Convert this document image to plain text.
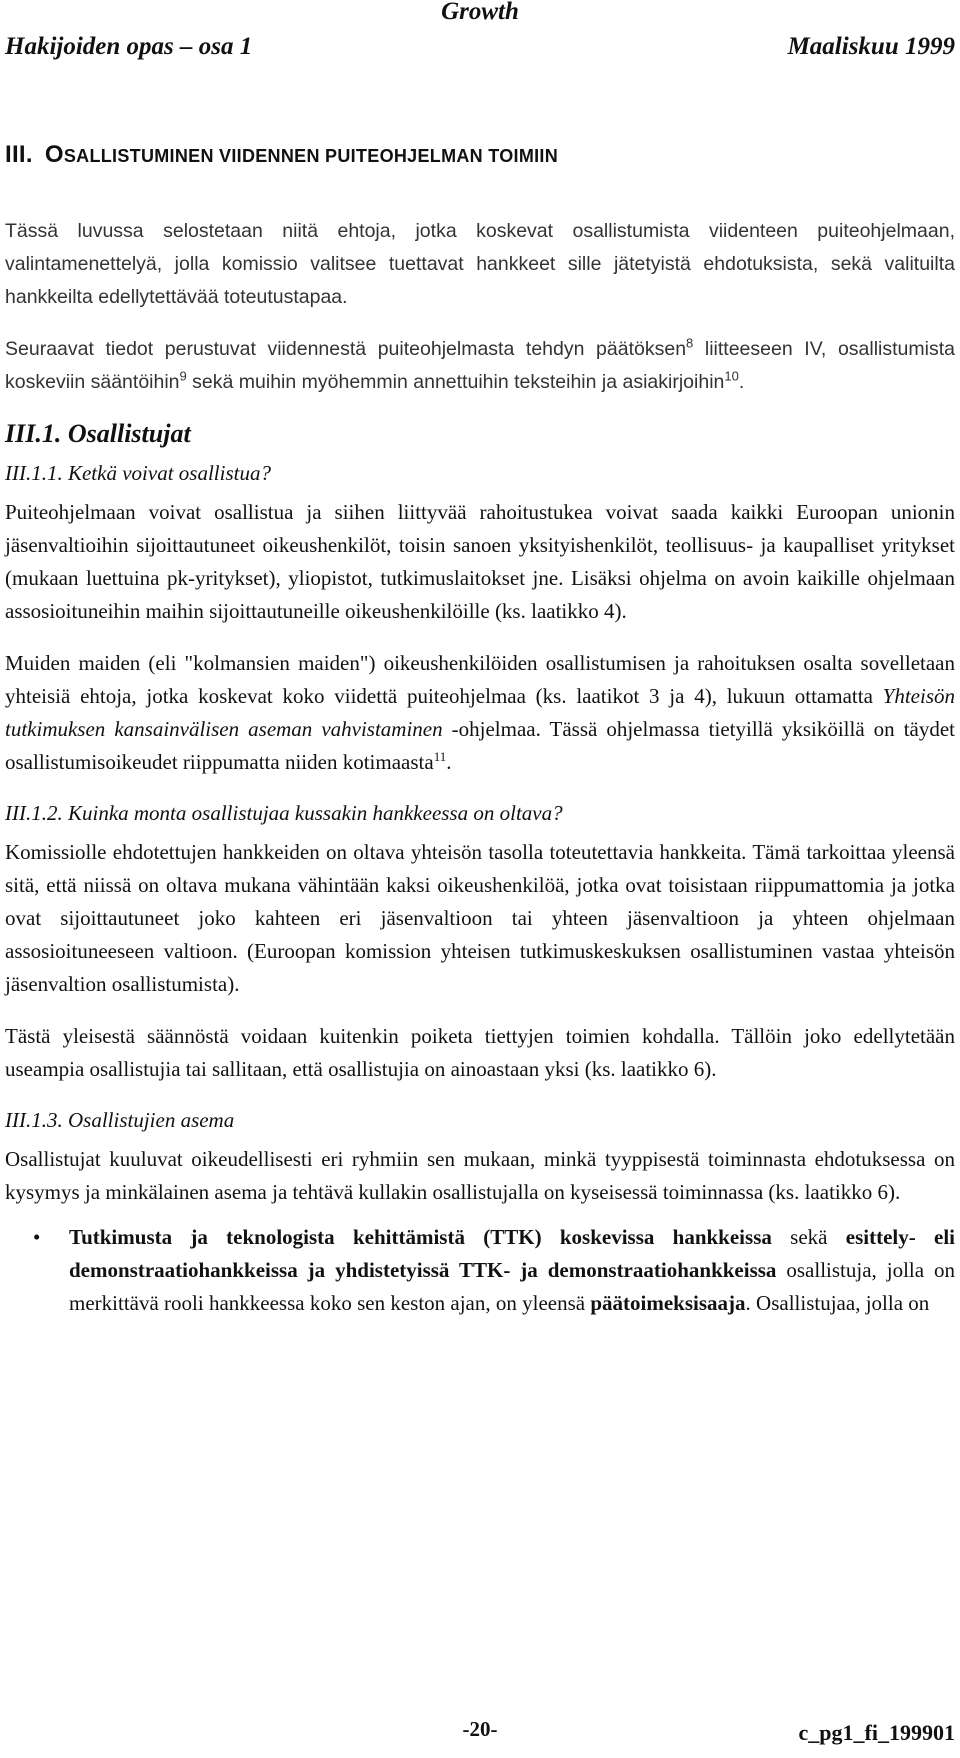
Growth
Hakijoiden opas – osa 1	Maaliskuu 1999
III. OSALLISTUMINEN VIIDENNEN PUITEOHJELMAN TOIMIIN

Tässä luvussa selostetaan niitä ehtoja, jotka koskevat osallistumista viidenteen puiteohjelmaan, valintamenettelyä, jolla komissio valitsee tuettavat hankkeet sille jätetyistä ehdotuksista, sekä valituilta hankkeilta edellytettävää toteutustapaa.

Seuraavat tiedot perustuvat viidennestä puiteohjelmasta tehdyn päätöksen$^8$ liitteeseen IV, osallistumista koskeviin sääntöihin$^9$ sekä muihin myöhemmin annettuihin teksteihin ja asiakirjoihin$^{10}$.

III.1. Osallistujat
III.1.1. Ketkä voivat osallistua?

Puiteohjelmaan voivat osallistua ja siihen liittyvää rahoitustukea voivat saada kaikki Euroopan unionin jäsenvaltioihin sijoittautuneet oikeushenkilöt, toisin sanoen yksityishenkilöt, teollisuus- ja kaupalliset yritykset (mukaan luettuina pk-yritykset), yliopistot, tutkimuslaitokset jne. Lisäksi ohjelma on avoin kaikille ohjelmaan assosioituneihin maihin sijoittautuneille oikeushenkilöille (ks. laatikko 4).

Muiden maiden (eli "kolmansien maiden") oikeushenkilöiden osallistumisen ja rahoituksen osalta sovelletaan yhteisiä ehtoja, jotka koskevat koko viidettä puiteohjelmaa (ks. laatikot 3 ja 4), lukuun ottamatta Yhteisön tutkimuksen kansainvälisen aseman vahvistaminen -ohjelmaa. Tässä ohjelmassa tietyillä yksiköillä on täydet osallistumisoikeudet riippumatta niiden kotimaasta$^{11}$.

III.1.2. Kuinka monta osallistujaa kussakin hankkeessa on oltava?

Komissiolle ehdotettujen hankkeiden on oltava yhteisön tasolla toteutettavia hankkeita. Tämä tarkoittaa yleensä sitä, että niissä on oltava mukana vähintään kaksi oikeushenkilöä, jotka ovat toisistaan riippumattomia ja jotka ovat sijoittautuneet joko kahteen eri jäsenvaltioon tai yhteen jäsenvaltioon ja yhteen ohjelmaan assosioituneeseen valtioon. (Euroopan komission yhteisen tutkimuskeskuksen osallistuminen vastaa yhteisön jäsenvaltion osallistumista).

Tästä yleisestä säännöstä voidaan kuitenkin poiketa tiettyjen toimien kohdalla. Tällöin joko edellytetään useampia osallistujia tai sallitaan, että osallistujia on ainoastaan yksi (ks. laatikko 6).

III.1.3. Osallistujien asema

Osallistujat kuuluvat oikeudellisesti eri ryhmiin sen mukaan, minkä tyyppisestä toiminnasta ehdotuksessa on kysymys ja minkälainen asema ja tehtävä kullakin osallistujalla on kyseisessä toiminnassa (ks. laatikko 6).

•	Tutkimusta ja teknologista kehittämistä (TTK) koskevissa hankkeissa sekä esittely- eli demonstraatiohankkeissa ja yhdistetyissä TTK- ja demonstraatiohankkeissa osallistuja, jolla on merkittävä rooli hankkeessa koko sen keston ajan, on yleensä päätoimeksisaaja. Osallistujaa, jolla on
-20-	c_pg1_fi_199901
